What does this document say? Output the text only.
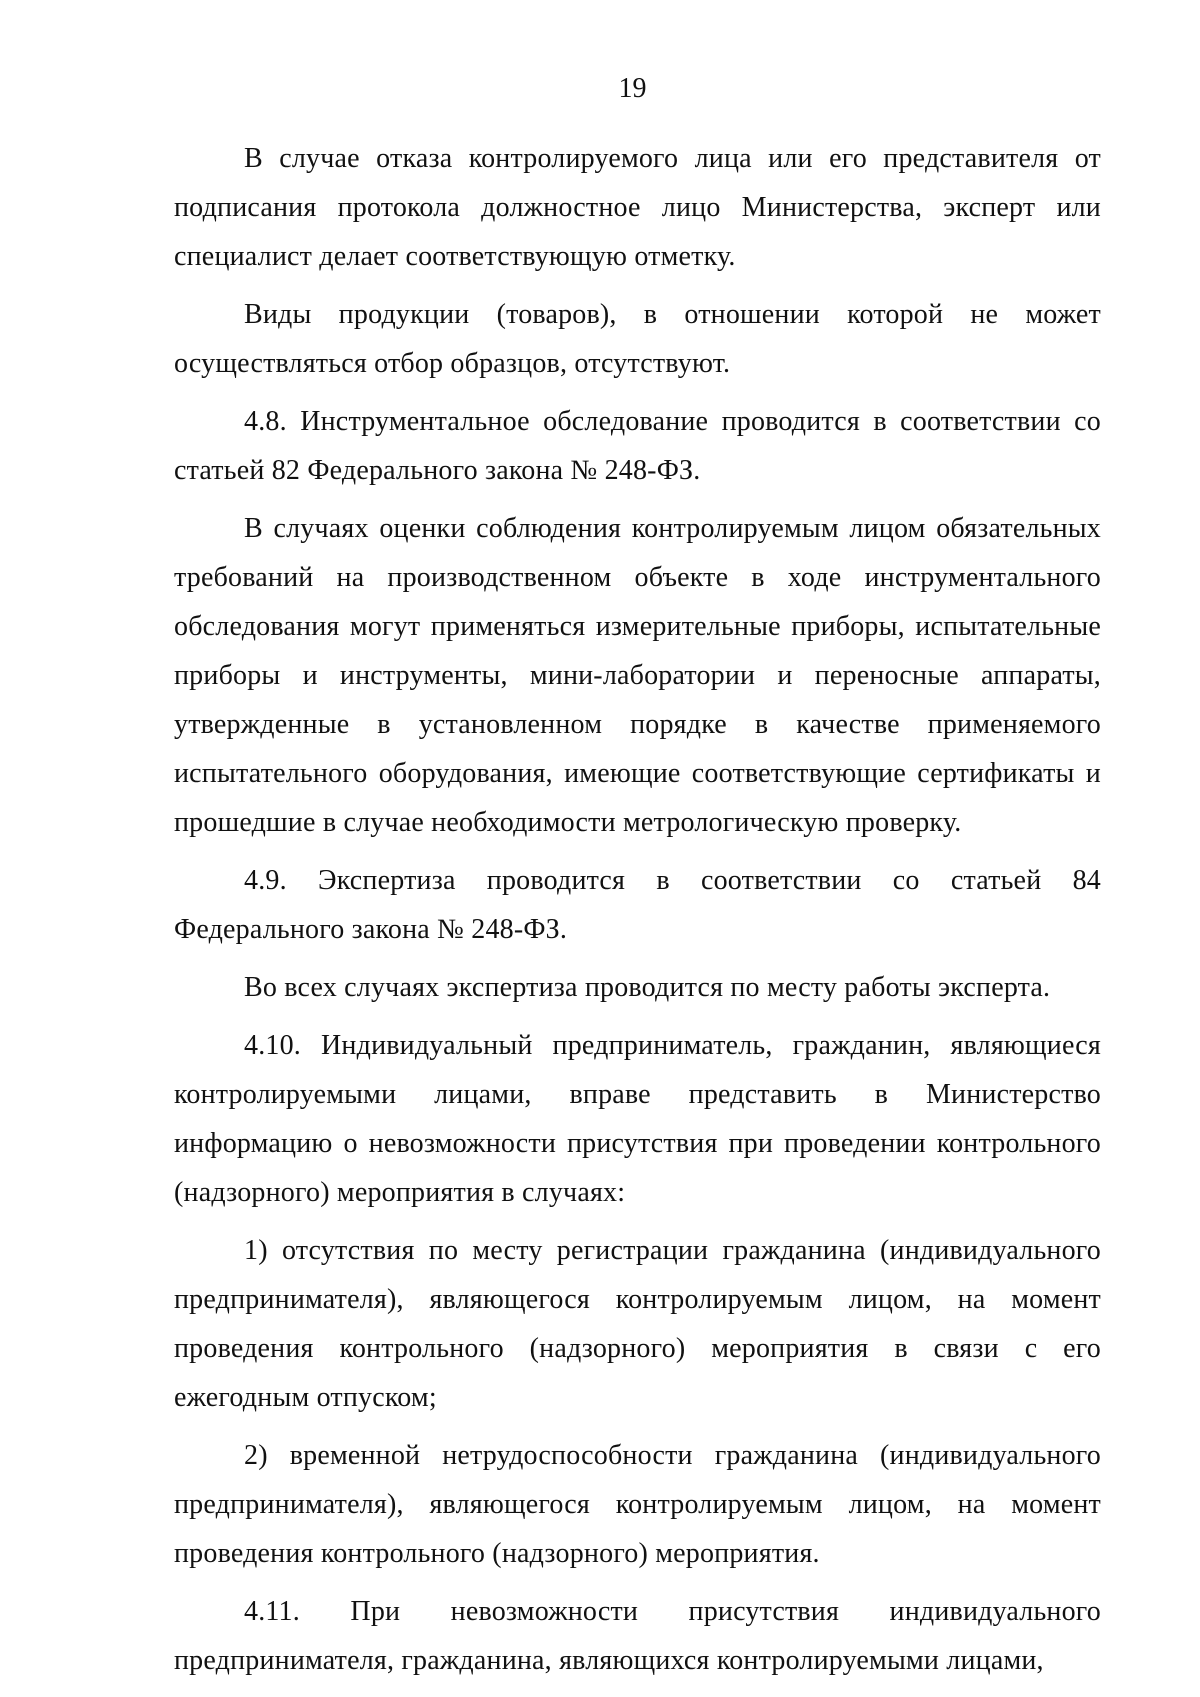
19

В случае отказа контролируемого лица или его представителя от подписания протокола должностное лицо Министерства, эксперт или специалист делает соответствующую отметку.

Виды продукции (товаров), в отношении которой не может осуществляться отбор образцов, отсутствуют.

4.8. Инструментальное обследование проводится в соответствии со статьей 82 Федерального закона № 248-ФЗ.

В случаях оценки соблюдения контролируемым лицом обязательных требований на производственном объекте в ходе инструментального обследования могут применяться измерительные приборы, испытательные приборы и инструменты, мини-лаборатории и переносные аппараты, утвержденные в установленном порядке в качестве применяемого испытательного оборудования, имеющие соответствующие сертификаты и прошедшие в случае необходимости метрологическую проверку.

4.9. Экспертиза проводится в соответствии со статьей 84 Федерального закона № 248-ФЗ.

Во всех случаях экспертиза проводится по месту работы эксперта.

4.10. Индивидуальный предприниматель, гражданин, являющиеся контролируемыми лицами, вправе представить в Министерство информацию о невозможности присутствия при проведении контрольного (надзорного) мероприятия в случаях:

1) отсутствия по месту регистрации гражданина (индивидуального предпринимателя), являющегося контролируемым лицом, на момент проведения контрольного (надзорного) мероприятия в связи с его ежегодным отпуском;

2) временной нетрудоспособности гражданина (индивидуального предпринимателя), являющегося контролируемым лицом, на момент проведения контрольного (надзорного) мероприятия.

4.11. При невозможности присутствия индивидуального предпринимателя, гражданина, являющихся контролируемыми лицами,
